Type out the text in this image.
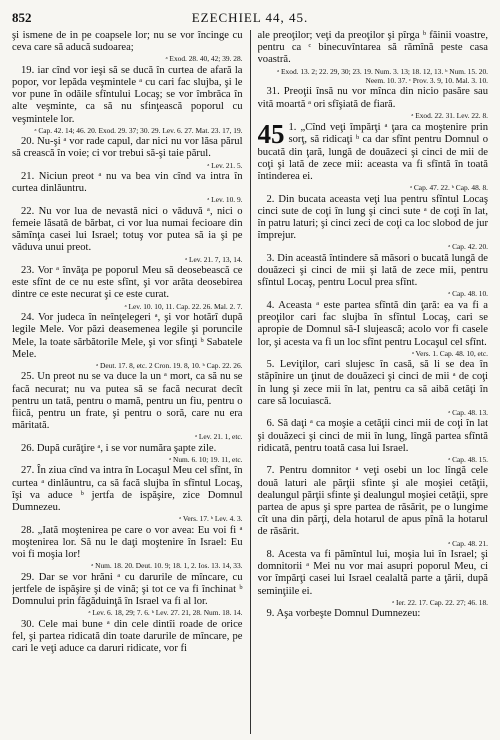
852	EZECHIEL 44, 45.

şi ismene de in pe coapsele lor; nu se vor încinge cu ceva care să aducă sudoarea;

ᵃ Exod. 28. 40, 42; 39. 28.

19. iar cînd vor ieşi să se ducă în curtea de afară la popor, vor lepăda veşmintele ᵃ cu cari fac slujba, şi le vor pune în odăile sfîntului Locaş; se vor îmbrăca în alte veşminte, ca să nu sfinţească poporul cu veşmintele lor.

ᵃ Cap. 42. 14; 46. 20. Exod. 29. 37; 30. 29. Lev. 6. 27. Mat. 23. 17, 19.

20. Nu-şi ᵃ vor rade capul, dar nici nu vor lăsa părul să crească în voie; ci vor trebui să-şi taie părul.

ᵃ Lev. 21. 5.

21. Niciun preot ᵃ nu va bea vin cînd va intra în curtea dinlăuntru.

ᵃ Lev. 10. 9.

22. Nu vor lua de nevastă nici o văduvă ᵃ, nici o femeie lăsată de bărbat, ci vor lua numai fecioare din sămînţa casei lui Israel; totuş vor putea să ia şi pe văduva unui preot.

ᵃ Lev. 21. 7, 13, 14.

23. Vor ᵃ învăţa pe poporul Meu să deosebească ce este sfînt de ce nu este sfînt, şi vor arăta deosebirea dintre ce este necurat şi ce este curat.

ᵃ Lev. 10. 10, 11. Cap. 22. 26. Mal. 2. 7.

24. Vor judeca în neînţelegeri ᵃ, şi vor hotărî după legile Mele. Vor păzi deasemenea legile şi poruncile Mele, la toate sărbătorile Mele, şi vor sfinţi ᵇ Sabatele Mele.

ᵃ Deut. 17. 8, etc. 2 Cron. 19. 8, 10. ᵇ Cap. 22. 26.

25. Un preot nu se va duce la un ᵃ mort, ca să nu se facă necurat; nu va putea să se facă necurat decît pentru un tată, pentru o mamă, pentru un fiu, pentru o fiică, pentru un frate, şi pentru o soră, care nu era măritată.

ᵃ Lev. 21. 1, etc.

26. După curăţire ᵃ, i se vor număra şapte zile.

ᵃ Num. 6. 10; 19. 11, etc.

27. În ziua cînd va intra în Locaşul Meu cel sfînt, în curtea ᵃ dinlăuntru, ca să facă slujba în sfîntul Locaş, îşi va aduce ᵇ jertfa de ispăşire, zice Domnul Dumnezeu.

ᵃ Vers. 17. ᵇ Lev. 4. 3.

28. „Iată moştenirea pe care o vor avea: Eu voi fi ᵃ moştenirea lor. Să nu le daţi moştenire în Israel: Eu voi fi moşia lor!

ᵃ Num. 18. 20. Deut. 10. 9; 18. 1, 2. Ios. 13. 14, 33.

29. Dar se vor hrăni ᵃ cu darurile de mîncare, cu jertfele de ispăşire şi de vină; şi tot ce va fi închinat ᵇ Domnului prin făgăduinţă în Israel va fi al lor.

ᵃ Lev. 6. 18, 29; 7. 6. ᵇ Lev. 27. 21, 28. Num. 18. 14.

30. Cele mai bune ᵃ din cele dintîi roade de orice fel, şi partea ridicată din toate darurile de mîncare, pe cari le veţi aduce ca daruri ridicate, vor fi

ale preoţilor; veţi da preoţilor şi pîrga ᵇ făinii voastre, pentru ca ᶜ binecuvîntarea să rămînă peste casa voastră.

ᵃ Exod. 13. 2; 22. 29, 30; 23. 19. Num. 3. 13; 18. 12, 13. ᵇ Num. 15. 20. Neem. 10. 37. ᶜ Prov. 3. 9, 10. Mal. 3. 10.

31. Preoţii însă nu vor mînca din nicio pasăre sau vită moartă ᵃ ori sfîşiată de fiară.

ᵃ Exod. 22. 31. Lev. 22. 8.

45 1. „Cînd veţi împărţi ᵃ ţara ca moştenire prin sorţ, să ridicaţi ᵇ ca dar sfînt pentru Domnul o bucată din ţară, lungă de douăzeci şi cinci de mii de coţi şi lată de zece mii: aceasta va fi sfîntă în toată întinderea ei.

ᵃ Cap. 47. 22. ᵇ Cap. 48. 8.

2. Din bucata aceasta veţi lua pentru sfîntul Locaş cinci sute de coţi în lung şi cinci sute ᵃ de coţi în lat, în patru laturi; şi cinci zeci de coţi ca loc slobod de jur împrejur.

ᵃ Cap. 42. 20.

3. Din această întindere să măsori o bucată lungă de douăzeci şi cinci de mii şi lată de zece mii, pentru sfîntul Locaş, pentru Locul prea sfînt.

ᵃ Cap. 48. 10.

4. Aceasta ᵃ este partea sfîntă din ţară: ea va fi a preoţilor cari fac slujba în sfîntul Locaş, cari se apropie de Domnul să-I slujească; acolo vor fi casele lor, şi acesta va fi un loc sfînt pentru Locaşul cel sfînt.

ᵃ Vers. 1. Cap. 48. 10, etc.

5. Leviţilor, cari slujesc în casă, să li se dea în stăpînire un ţinut de douăzeci şi cinci de mii ᵃ de coţi în lung şi zece mii în lat, pentru ca să aibă cetăţi în care să locuiască.

ᵃ Cap. 48. 13.

6. Să daţi ᵃ ca moşie a cetăţii cinci mii de coţi în lat şi douăzeci şi cinci de mii în lung, lîngă partea sfîntă ridicată, pentru toată casa lui Israel.

ᵃ Cap. 48. 15.

7. Pentru domnitor ᵃ veţi osebi un loc lîngă cele două laturi ale părţii sfinte şi ale moşiei cetăţii, dealungul părţii sfinte şi dealungul moşiei cetăţii, spre partea de apus şi spre partea de răsărit, pe o lungime cît una din părţi, dela hotarul de apus pînă la hotarul de răsărit.

ᵃ Cap. 48. 21.

8. Acesta va fi pămîntul lui, moşia lui în Israel; şi domnitorii ᵃ Mei nu vor mai asupri poporul Meu, ci vor împărţi casei lui Israel cealaltă parte a ţării, după seminţiile ei.

ᵃ Ier. 22. 17. Cap. 22. 27; 46. 18.

9. Aşa vorbeşte Domnul Dumnezeu:
